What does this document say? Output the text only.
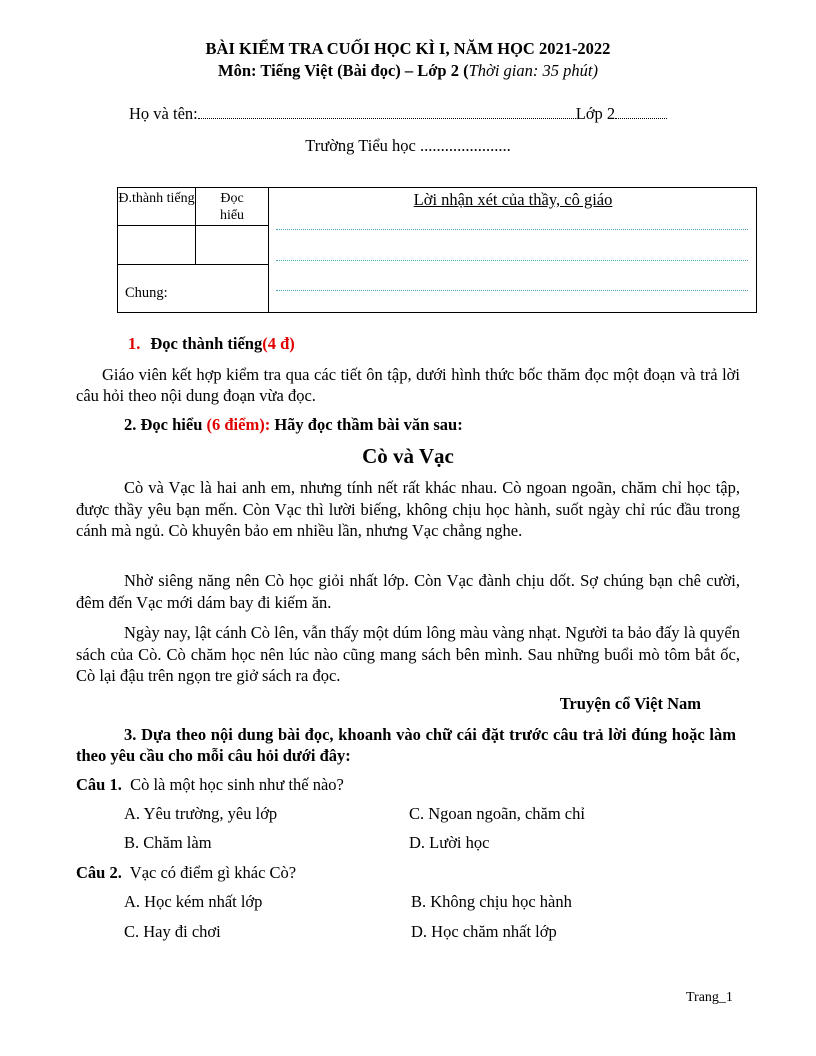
BÀI KIỂM TRA CUỐI HỌC KÌ I, NĂM HỌC 2021-2022
Môn: Tiếng Việt (Bài đọc) – Lớp 2 (Thời gian: 35 phút)
Họ và tên:	Lớp 2
Trường Tiểu học ......................
Đ.thành tiếng	Đọc hiểu
Chung:
Lời nhận xét của thầy, cô giáo
1. Đọc thành tiếng(4 đ)
Giáo viên kết hợp kiểm tra qua các tiết ôn tập, dưới hình thức bốc thăm đọc một đoạn và trả lời câu hỏi theo nội dung đoạn vừa đọc.
2. Đọc hiểu (6 điểm): Hãy đọc thầm bài văn sau:
Cò và Vạc
Cò và Vạc là hai anh em, nhưng tính nết rất khác nhau. Cò ngoan ngoãn, chăm chỉ học tập, được thầy yêu bạn mến. Còn Vạc thì lười biếng, không chịu học hành, suốt ngày chỉ rúc đầu trong cánh mà ngủ. Cò khuyên bảo em nhiều lần, nhưng Vạc chẳng nghe.
Nhờ siêng năng nên Cò học giỏi nhất lớp. Còn Vạc đành chịu dốt. Sợ chúng bạn chê cười, đêm đến Vạc mới dám bay đi kiếm ăn.
Ngày nay, lật cánh Cò lên, vẫn thấy một dúm lông màu vàng nhạt. Người ta bảo đấy là quyển sách của Cò. Cò chăm học nên lúc nào cũng mang sách bên mình. Sau những buổi mò tôm bắt ốc, Cò lại đậu trên ngọn tre giở sách ra đọc.
Truyện cổ Việt Nam
3. Dựa theo nội dung bài đọc, khoanh vào chữ cái đặt trước câu trả lời đúng hoặc làm theo yêu cầu cho mỗi câu hỏi dưới đây:
Câu 1. Cò là một học sinh như thế nào?
A. Yêu trường, yêu lớp	C. Ngoan ngoãn, chăm chỉ
B. Chăm làm	D. Lười học
Câu 2. Vạc có điểm gì khác Cò?
A. Học kém nhất lớp	B. Không chịu học hành
C. Hay đi chơi	D. Học chăm nhất lớp
Trang_1
